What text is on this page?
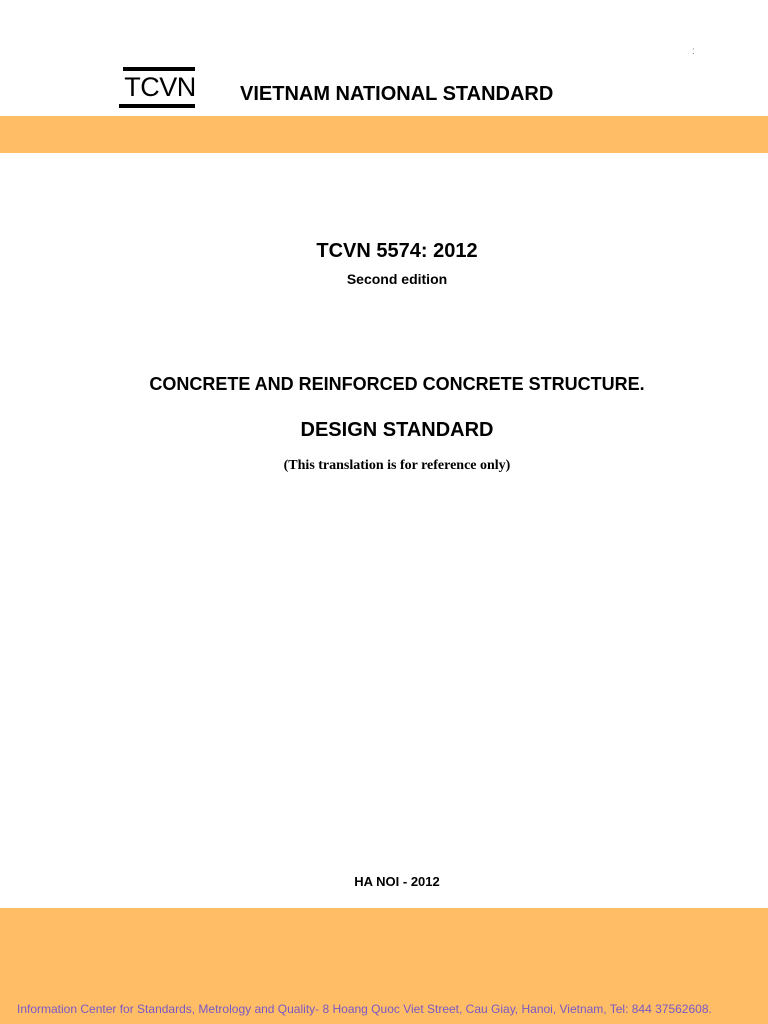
:
TCVN	VIETNAM NATIONAL STANDARD
TCVN 5574: 2012
Second edition
CONCRETE AND REINFORCED CONCRETE STRUCTURE.
DESIGN STANDARD
(This translation is for reference only)
HA NOI - 2012
Information Center for Standards, Metrology and Quality- 8 Hoang Quoc Viet Street, Cau Giay, Hanoi, Vietnam, Tel: 844 37562608.
